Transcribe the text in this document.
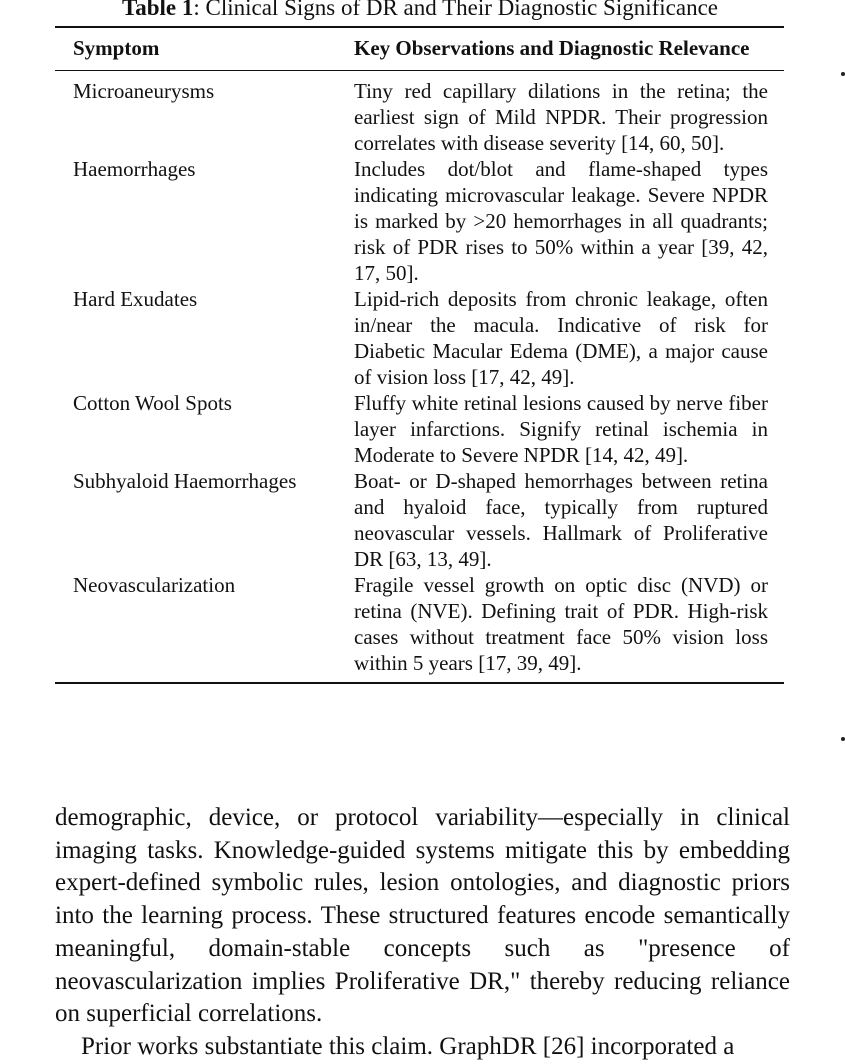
Table 1: Clinical Signs of DR and Their Diagnostic Significance
Symptom	Key Observations and Diagnostic Relevance
Microaneurysms	Tiny red capillary dilations in the retina; the earliest sign of Mild NPDR. Their progression correlates with disease severity [14, 60, 50].
Haemorrhages	Includes dot/blot and flame-shaped types indicating microvascular leakage. Severe NPDR is marked by >20 hemorrhages in all quadrants; risk of PDR rises to 50% within a year [39, 42, 17, 50].
Hard Exudates	Lipid-rich deposits from chronic leakage, often in/near the macula. Indicative of risk for Diabetic Macular Edema (DME), a major cause of vision loss [17, 42, 49].
Cotton Wool Spots	Fluffy white retinal lesions caused by nerve fiber layer infarctions. Signify retinal ischemia in Moderate to Severe NPDR [14, 42, 49].
Subhyaloid Haemorrhages	Boat- or D-shaped hemorrhages between retina and hyaloid face, typically from ruptured neovascular vessels. Hallmark of Proliferative DR [63, 13, 49].
Neovascularization	Fragile vessel growth on optic disc (NVD) or retina (NVE). Defining trait of PDR. High-risk cases without treatment face 50% vision loss within 5 years [17, 39, 49].

demographic, device, or protocol variability—especially in clinical imaging tasks. Knowledge-guided systems mitigate this by embedding expert-defined symbolic rules, lesion ontologies, and diagnostic priors into the learning process. These structured features encode semantically meaningful, domain-stable concepts such as "presence of neovascularization implies Proliferative DR," thereby reducing reliance on superficial correlations.

Prior works substantiate this claim. GraphDR [26] incorporated a
